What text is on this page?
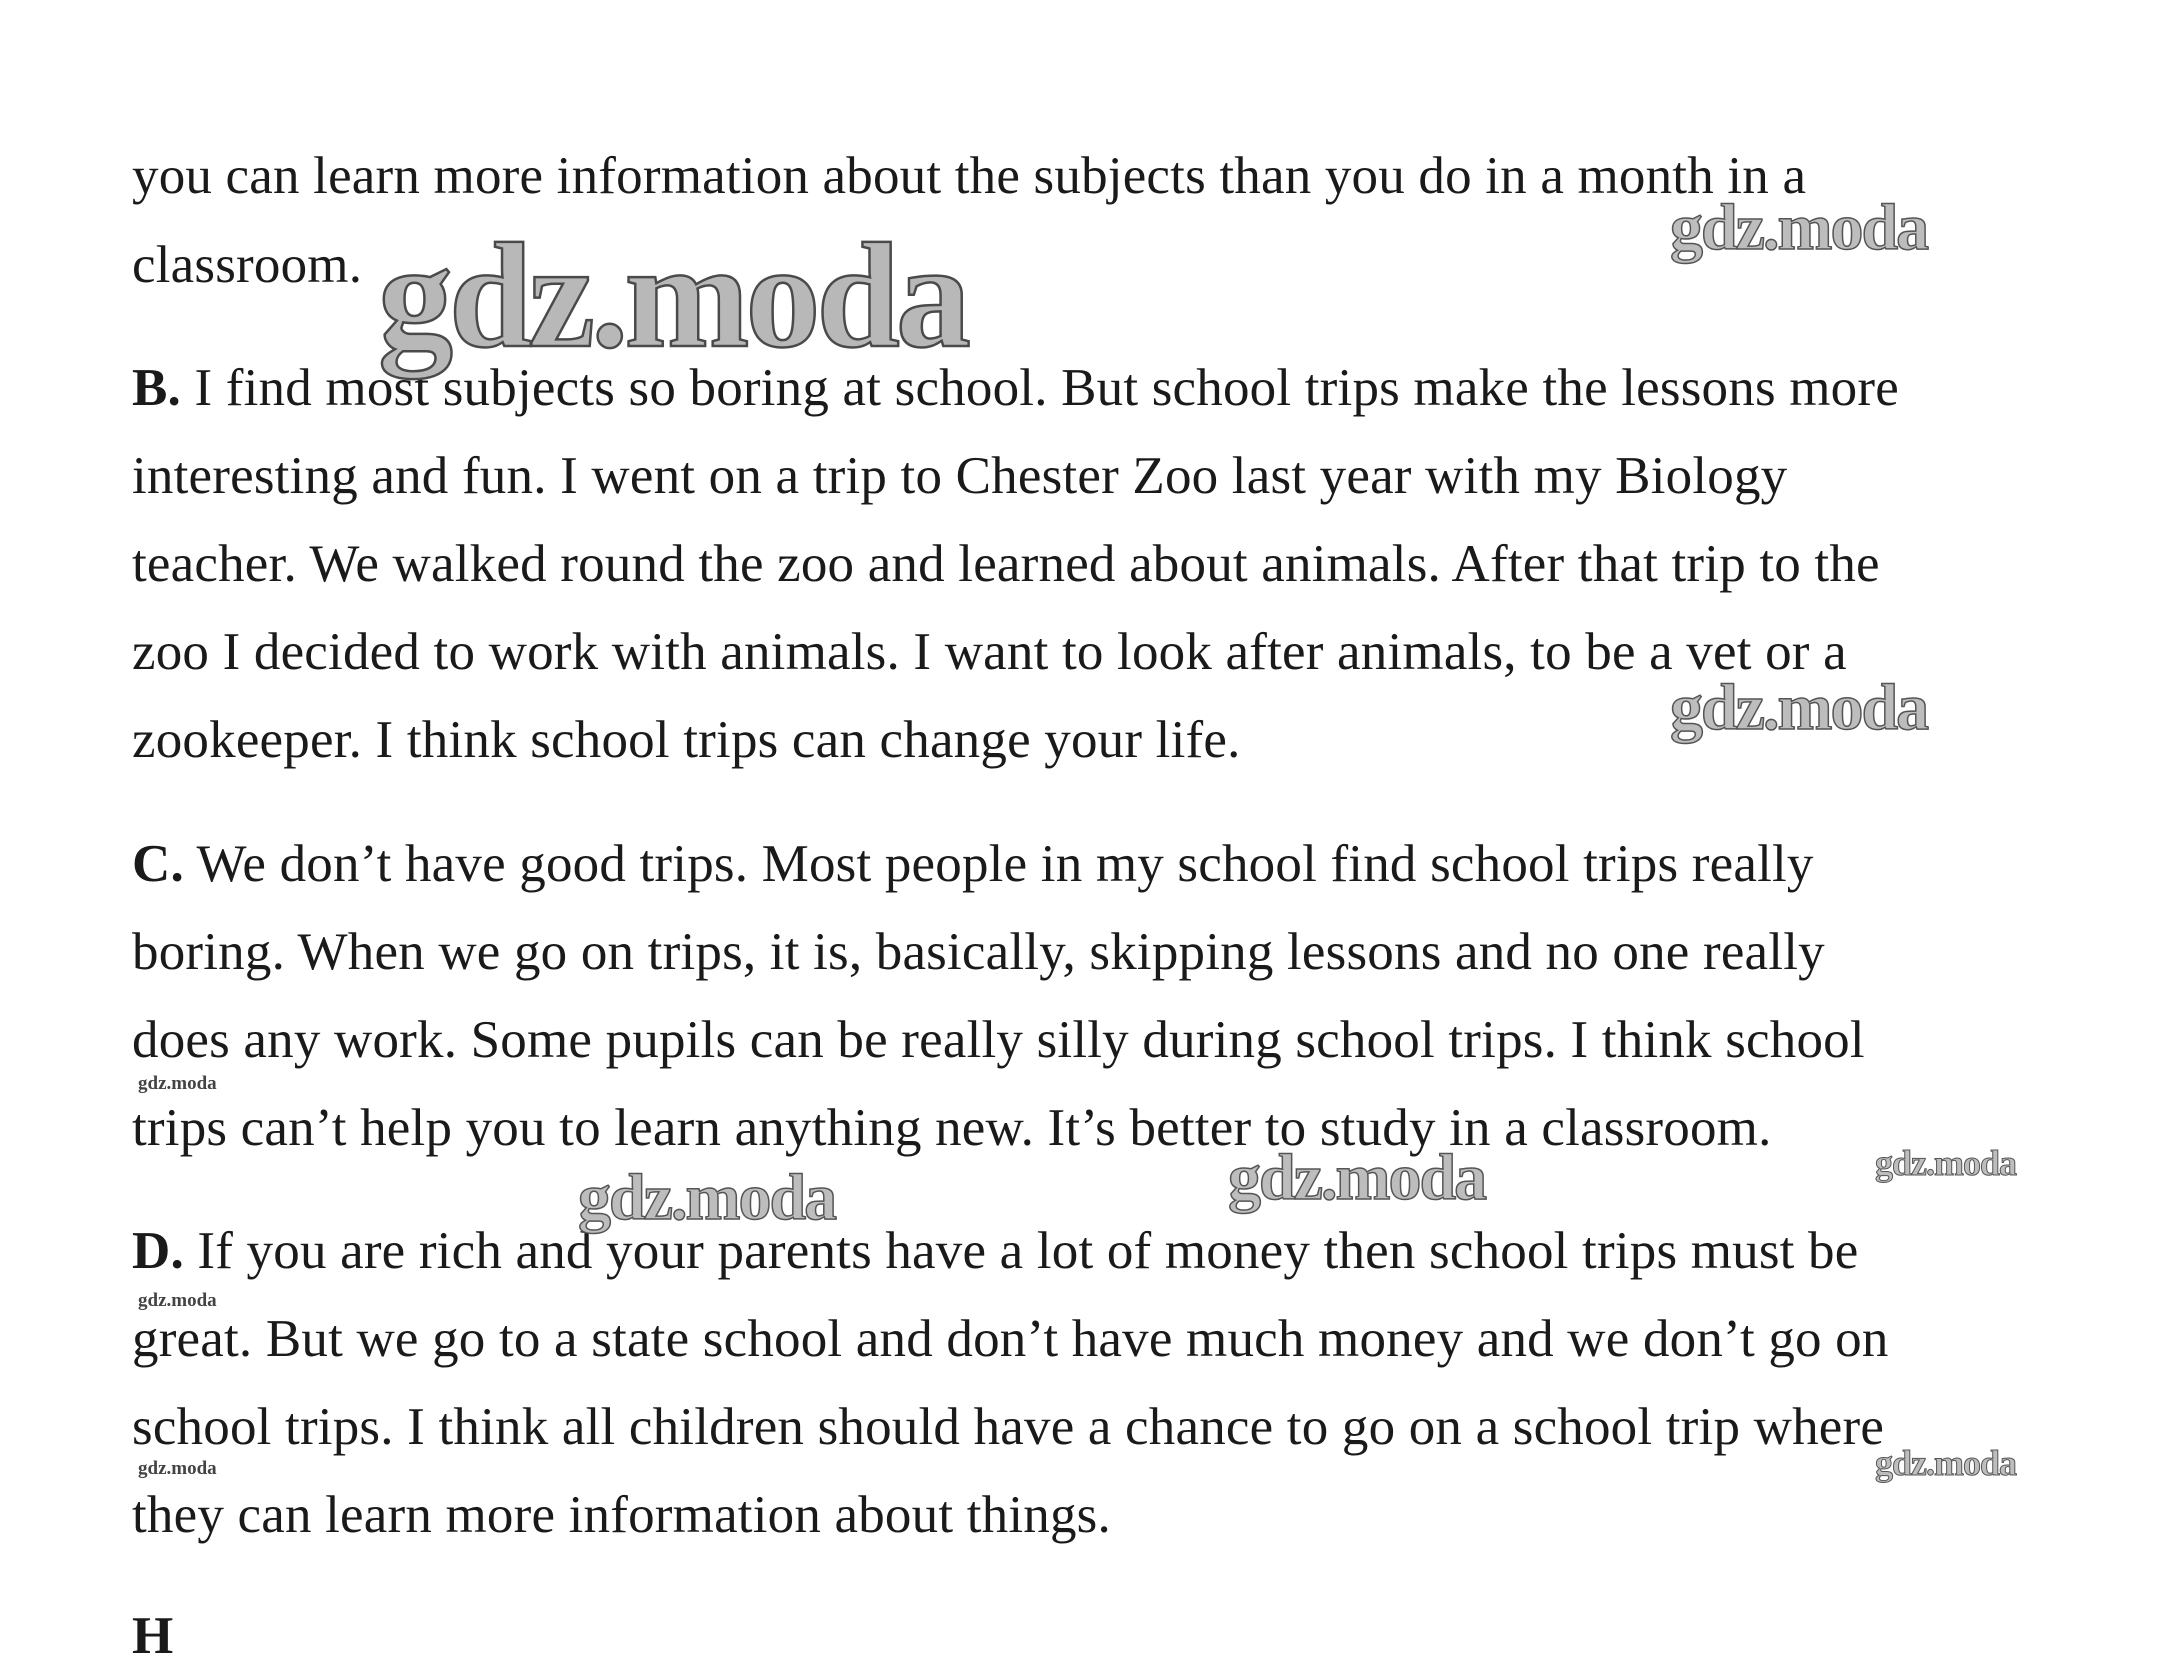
you can learn more information about the subjects than you do in a month in a
classroom.
B. I find most subjects so boring at school. But school trips make the lessons more
interesting and fun. I went on a trip to Chester Zoo last year with my Biology
teacher. We walked round the zoo and learned about animals. After that trip to the
zoo I decided to work with animals. I want to look after animals, to be a vet or a
zookeeper. I think school trips can change your life.
C. We don’t have good trips. Most people in my school find school trips really
boring. When we go on trips, it is, basically, skipping lessons and no one really
does any work. Some pupils can be really silly during school trips. I think school
trips can’t help you to learn anything new. It’s better to study in a classroom.
D. If you are rich and your parents have a lot of money then school trips must be
great. But we go to a state school and don’t have much money and we don’t go on
school trips. I think all children should have a chance to go on a school trip where
they can learn more information about things.
H
gdz.moda	gdz.moda
gdz.moda
gdz.moda
gdz.moda	gdz.moda	gdz.moda
gdz.moda
gdz.moda	gdz.moda
